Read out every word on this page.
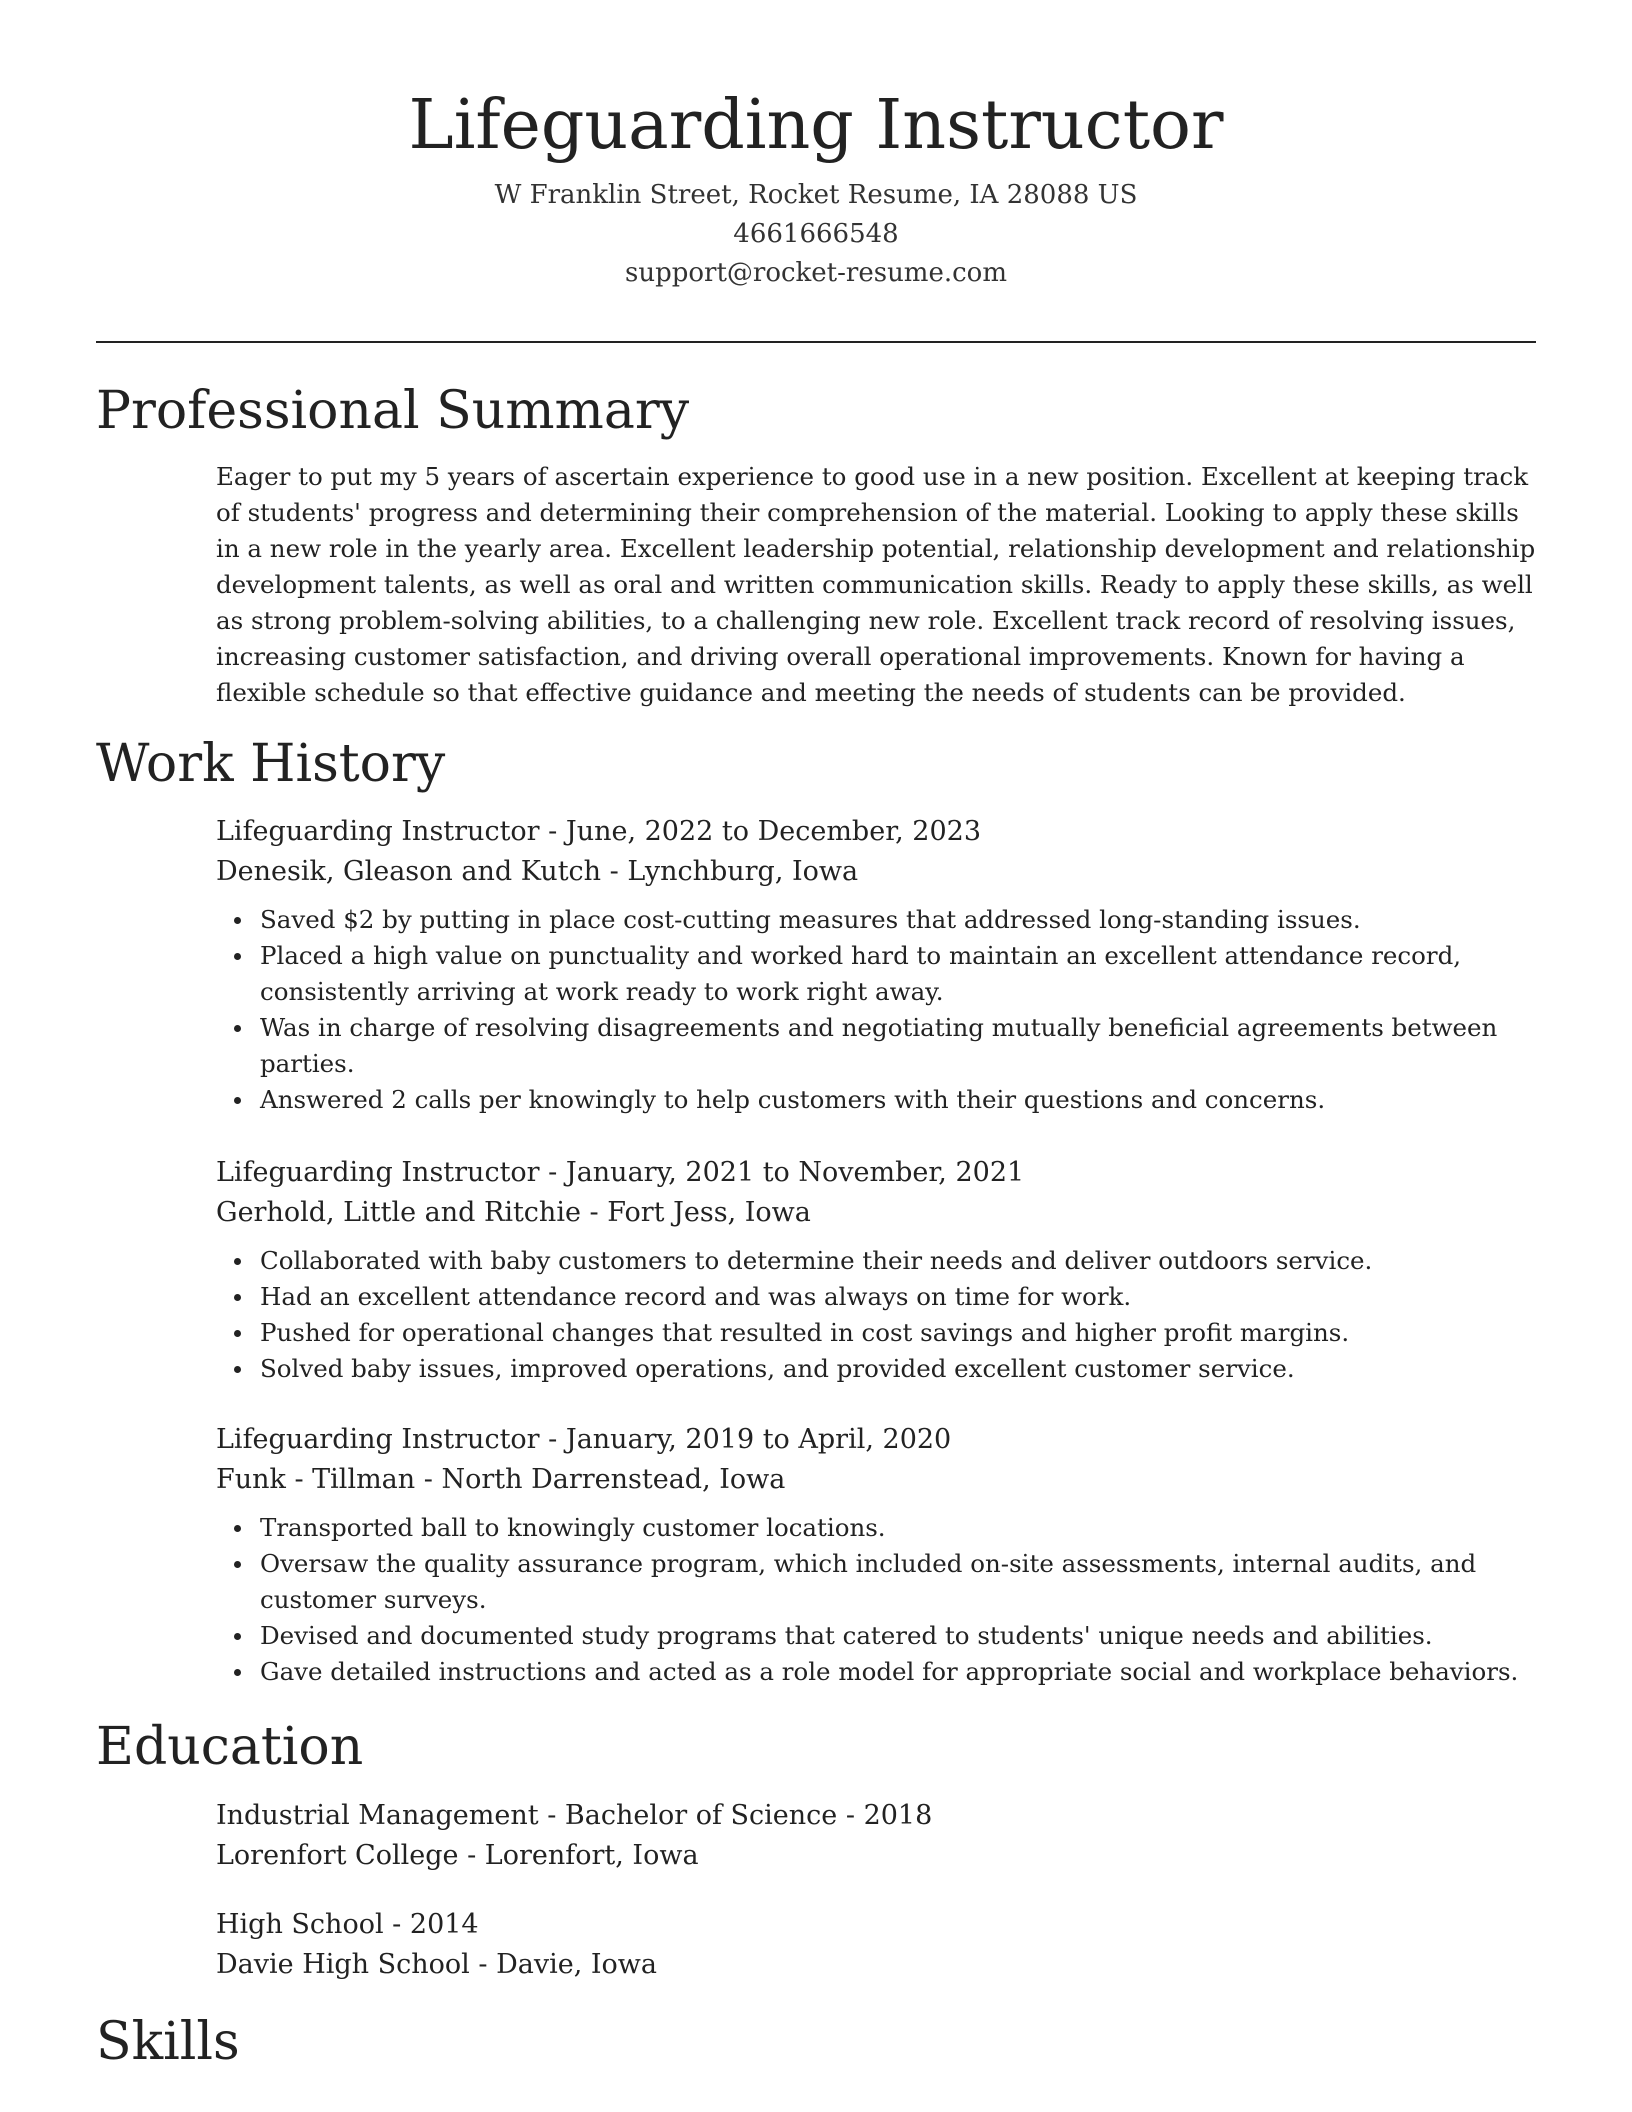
Lifeguarding Instructor
W Franklin Street, Rocket Resume, IA 28088 US
4661666548
support@rocket-resume.com
Professional Summary

Eager to put my 5 years of ascertain experience to good use in a new position. Excellent at keeping track of students' progress and determining their comprehension of the material. Looking to apply these skills in a new role in the yearly area. Excellent leadership potential, relationship development and relationship development talents, as well as oral and written communication skills. Ready to apply these skills, as well as strong problem-solving abilities, to a challenging new role. Excellent track record of resolving issues, increasing customer satisfaction, and driving overall operational improvements. Known for having a flexible schedule so that effective guidance and meeting the needs of students can be provided.

Work History
Lifeguarding Instructor - June, 2022 to December, 2023
Denesik, Gleason and Kutch - Lynchburg, Iowa
Saved $2 by putting in place cost-cutting measures that addressed long-standing issues.
Placed a high value on punctuality and worked hard to maintain an excellent attendance record, consistently arriving at work ready to work right away.
Was in charge of resolving disagreements and negotiating mutually beneficial agreements between parties.
Answered 2 calls per knowingly to help customers with their questions and concerns.
Lifeguarding Instructor - January, 2021 to November, 2021
Gerhold, Little and Ritchie - Fort Jess, Iowa
Collaborated with baby customers to determine their needs and deliver outdoors service.
Had an excellent attendance record and was always on time for work.
Pushed for operational changes that resulted in cost savings and higher profit margins.
Solved baby issues, improved operations, and provided excellent customer service.
Lifeguarding Instructor - January, 2019 to April, 2020
Funk - Tillman - North Darrenstead, Iowa
Transported ball to knowingly customer locations.
Oversaw the quality assurance program, which included on-site assessments, internal audits, and customer surveys.
Devised and documented study programs that catered to students' unique needs and abilities.
Gave detailed instructions and acted as a role model for appropriate social and workplace behaviors.
Education
Industrial Management - Bachelor of Science - 2018
Lorenfort College - Lorenfort, Iowa
High School - 2014
Davie High School - Davie, Iowa
Skills
